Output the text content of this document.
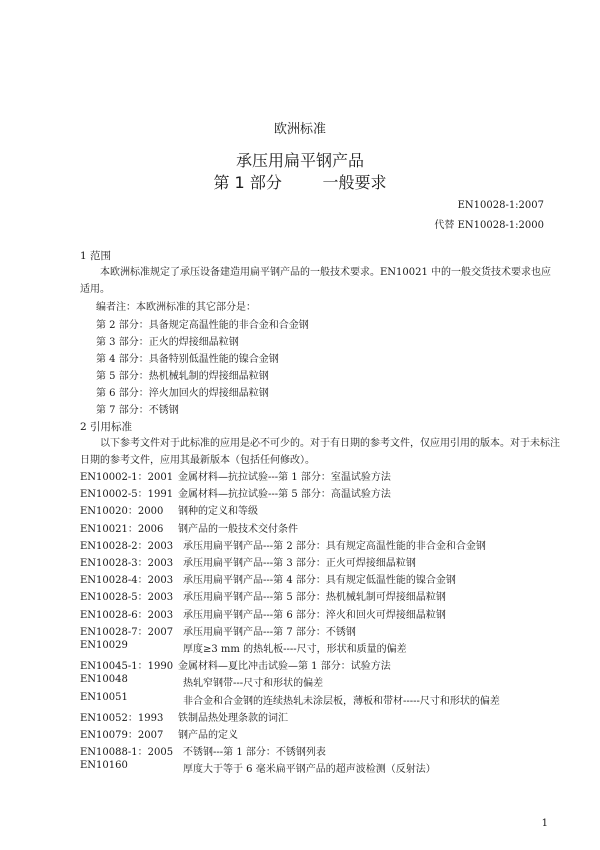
欧洲标准
承压用扁平钢产品
第 1 部分        一般要求
EN10028-1:2007
代替 EN10028-1:2000
1 范围
本欧洲标准规定了承压设备建造用扁平钢产品的一般技术要求。EN10021 中的一般交货技术要求也应适用。
编者注：本欧洲标准的其它部分是：
第 2 部分：具备规定高温性能的非合金和合金钢
第 3 部分：正火的焊接细晶粒钢
第 4 部分：具备特别低温性能的镍合金钢
第 5 部分：热机械轧制的焊接细晶粒钢
第 6 部分：淬火加回火的焊接细晶粒钢
第 7 部分：不锈钢
2 引用标准
以下参考文件对于此标准的应用是必不可少的。对于有日期的参考文件，仅应用引用的版本。对于未标注日期的参考文件，应用其最新版本（包括任何修改）。
EN10002-1：2001 金属材料—抗拉试验---第 1 部分：室温试验方法
EN10002-5：1991 金属材料—抗拉试验---第 5 部分：高温试验方法
EN10020：2000 钢种的定义和等级
EN10021：2006 钢产品的一般技术交付条件
EN10028-2：2003 承压用扁平钢产品---第 2 部分：具有规定高温性能的非合金和合金钢
EN10028-3：2003 承压用扁平钢产品---第 3 部分：正火可焊接细晶粒钢
EN10028-4：2003 承压用扁平钢产品---第 4 部分：具有规定低温性能的镍合金钢
EN10028-5：2003 承压用扁平钢产品---第 5 部分：热机械轧制可焊接细晶粒钢
EN10028-6：2003 承压用扁平钢产品---第 6 部分：淬火和回火可焊接细晶粒钢
EN10028-7：2007 承压用扁平钢产品---第 7 部分：不锈钢
EN10029	厚度≥3 mm 的热轧板----尺寸，形状和质量的偏差
EN10045-1：1990 金属材料—夏比冲击试验—第 1 部分：试验方法
EN10048	热轧窄钢带---尺寸和形状的偏差
EN10051	非合金和合金钢的连续热轧未涂层板，薄板和带材-----尺寸和形状的偏差
EN10052：1993 铁制品热处理条款的词汇
EN10079：2007 钢产品的定义
EN10088-1：2005 不锈钢---第 1 部分：不锈钢列表
EN10160	厚度大于等于 6 毫米扁平钢产品的超声波检测（反射法）
1
